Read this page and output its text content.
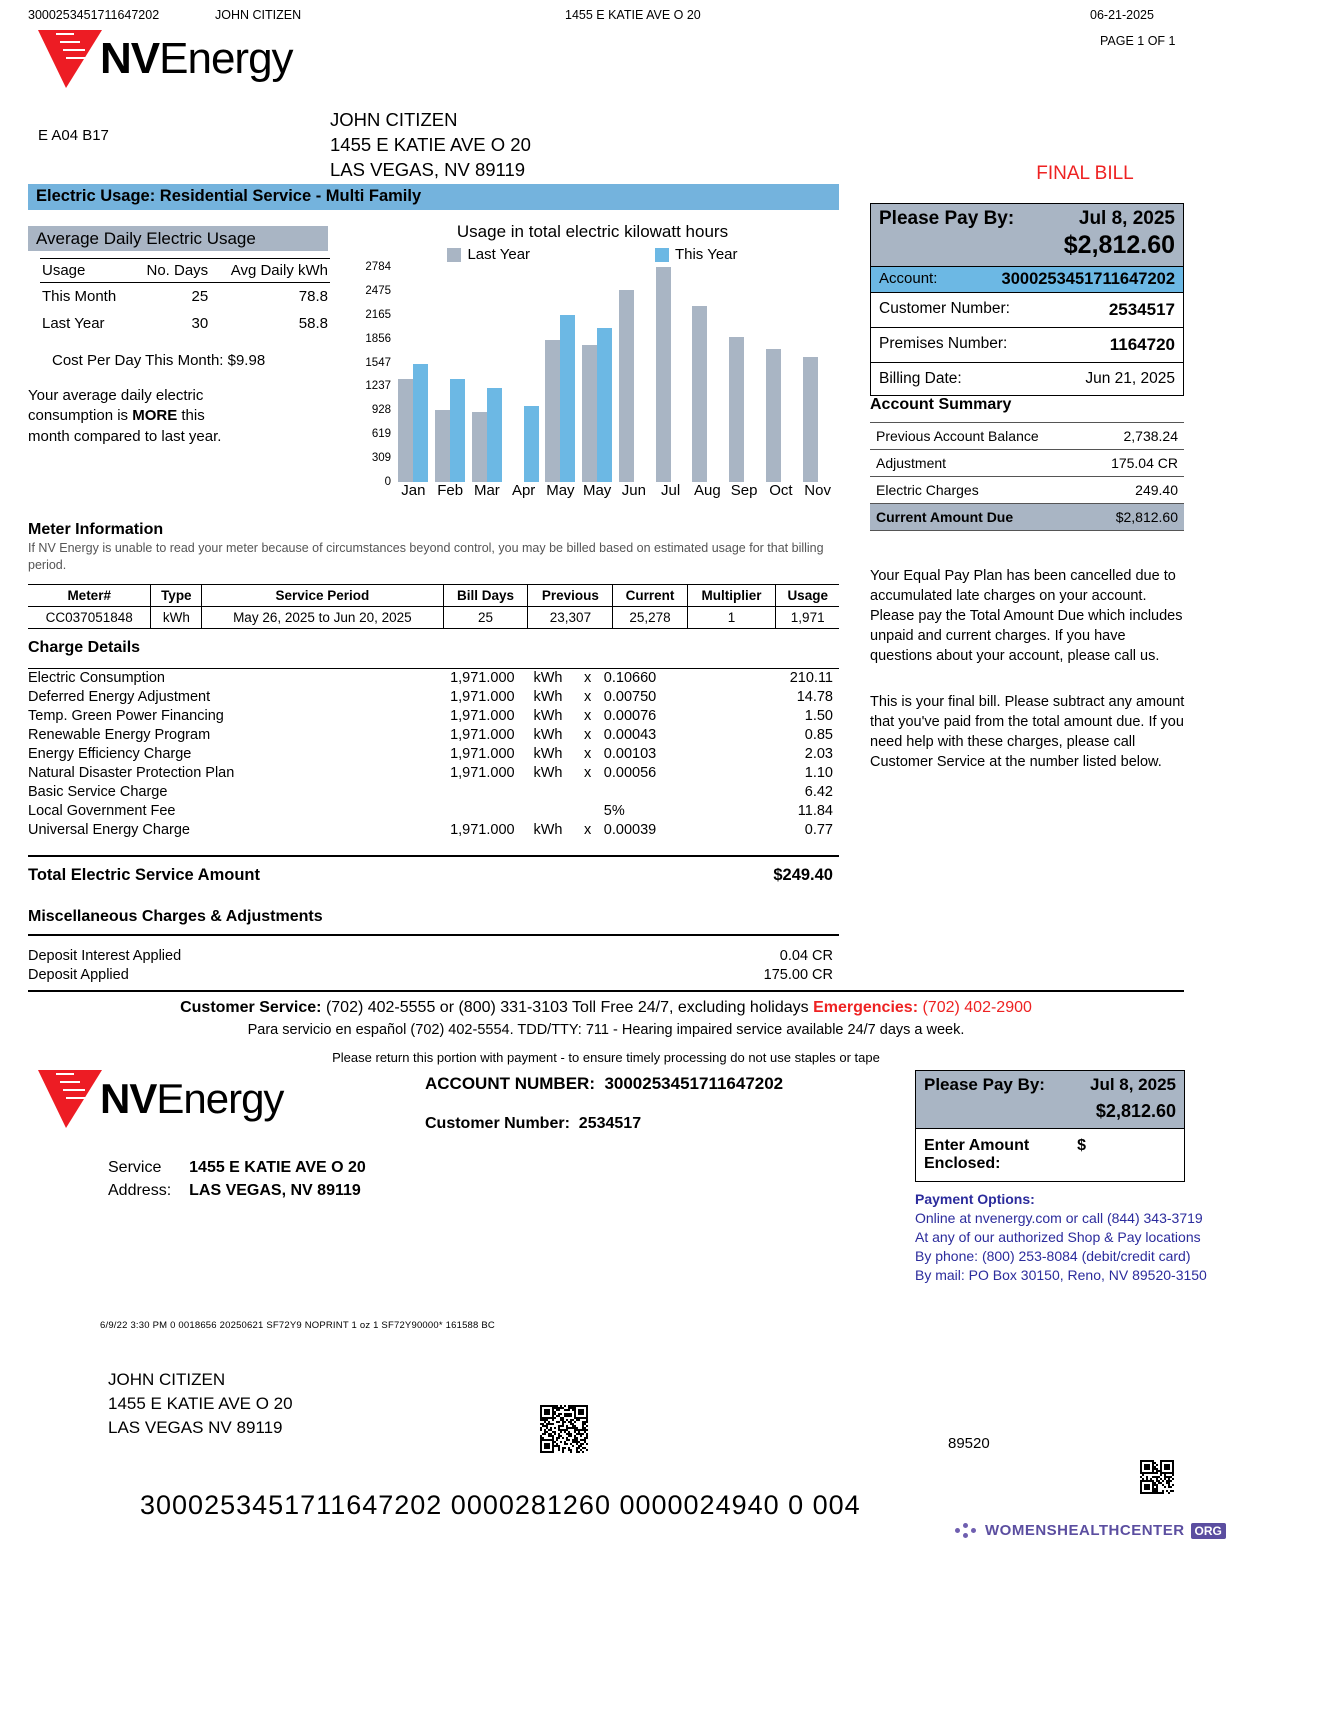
3000253451711647202	JOHN CITIZEN	1455 E KATIE AVE O 20	06-21-2025
PAGE 1 OF 1
NVEnergy
E A04 B17
JOHN CITIZEN
1455 E KATIE AVE O 20
LAS VEGAS, NV 89119	FINAL BILL
Electric Usage: Residential Service - Multi Family
Average Daily Electric Usage
Usage	No. Days	Avg Daily kWh
This Month	25	78.8
Last Year	30	58.8
Cost Per Day This Month: $9.98
Your average daily electric consumption is MORE this month compared to last year.
Usage in total electric kilowatt hours
Last Year	This Year
2784
2475
2165
1856
1547
1237
928
619
309
0 Jan Feb Mar Apr May May Jun	Jul Aug Sep Oct Nov
Meter Information
If NV Energy is unable to read your meter because of circumstances beyond control, you may be billed based on estimated usage for that billing period.
Meter#	Type	Service Period	Bill Days	Previous	Current	Multiplier	Usage
CC037051848	kWh	May 26, 2025 to Jun 20, 2025	25	23,307	25,278	1	1,971
Charge Details

Electric Consumption	1,971.000	kWh	x	0.10660	210.11
Deferred Energy Adjustment	1,971.000	kWh	x	0.00750	14.78
Temp. Green Power Financing	1,971.000	kWh	x	0.00076	1.50
Renewable Energy Program	1,971.000	kWh	x	0.00043	0.85
Energy Efficiency Charge	1,971.000	kWh	x	0.00103	2.03
Natural Disaster Protection Plan	1,971.000	kWh	x	0.00056	1.10
Basic Service Charge					6.42
Local Government Fee				5%	11.84
Universal Energy Charge	1,971.000	kWh	x	0.00039	0.77
Total Electric Service Amount	$249.40
Miscellaneous Charges & Adjustments
Deposit Interest Applied	0.04 CR
Deposit Applied	175.00 CR
Please Pay By:	Jul 8, 2025
$2,812.60
Account:	3000253451711647202
Customer Number:	2534517
Premises Number:	1164720
Billing Date:	Jun 21, 2025
Account Summary
Previous Account Balance	2,738.24
Adjustment	175.04 CR
Electric Charges	249.40
Current Amount Due	$2,812.60
Your Equal Pay Plan has been cancelled due to accumulated late charges on your account. Please pay the Total Amount Due which includes unpaid and current charges. If you have questions about your account, please call us.
This is your final bill. Please subtract any amount that you've paid from the total amount due. If you need help with these charges, please call Customer Service at the number listed below.
Customer Service: (702) 402-5555 or (800) 331-3103 Toll Free 24/7, excluding holidays Emergencies: (702) 402-2900
Para servicio en español (702) 402-5554. TDD/TTY: 711 - Hearing impaired service available 24/7 days a week.
Please return this portion with payment - to ensure timely processing do not use staples or tape
NVEnergy	ACCOUNT NUMBER: 3000253451711647202
Customer Number: 2534517
Service
Address:
1455 E KATIE AVE O 20
LAS VEGAS, NV 89119
Please Pay By:	Jul 8, 2025
$2,812.60
Enter Amount
Enclosed:
$
Payment Options:
Online at nvenergy.com or call (844) 343-3719
At any of our authorized Shop & Pay locations
By phone: (800) 253-8084 (debit/credit card)
By mail: PO Box 30150, Reno, NV 89520-3150
6/9/22 3:30 PM 0 0018656 20250621 SF72Y9 NOPRINT 1 oz 1 SF72Y90000* 161588 BC
JOHN CITIZEN
1455 E KATIE AVE O 20
LAS VEGAS NV 89119
89520
3000253451711647202 0000281260 0000024940 0 004
WOMENSHEALTHCENTER ORG
